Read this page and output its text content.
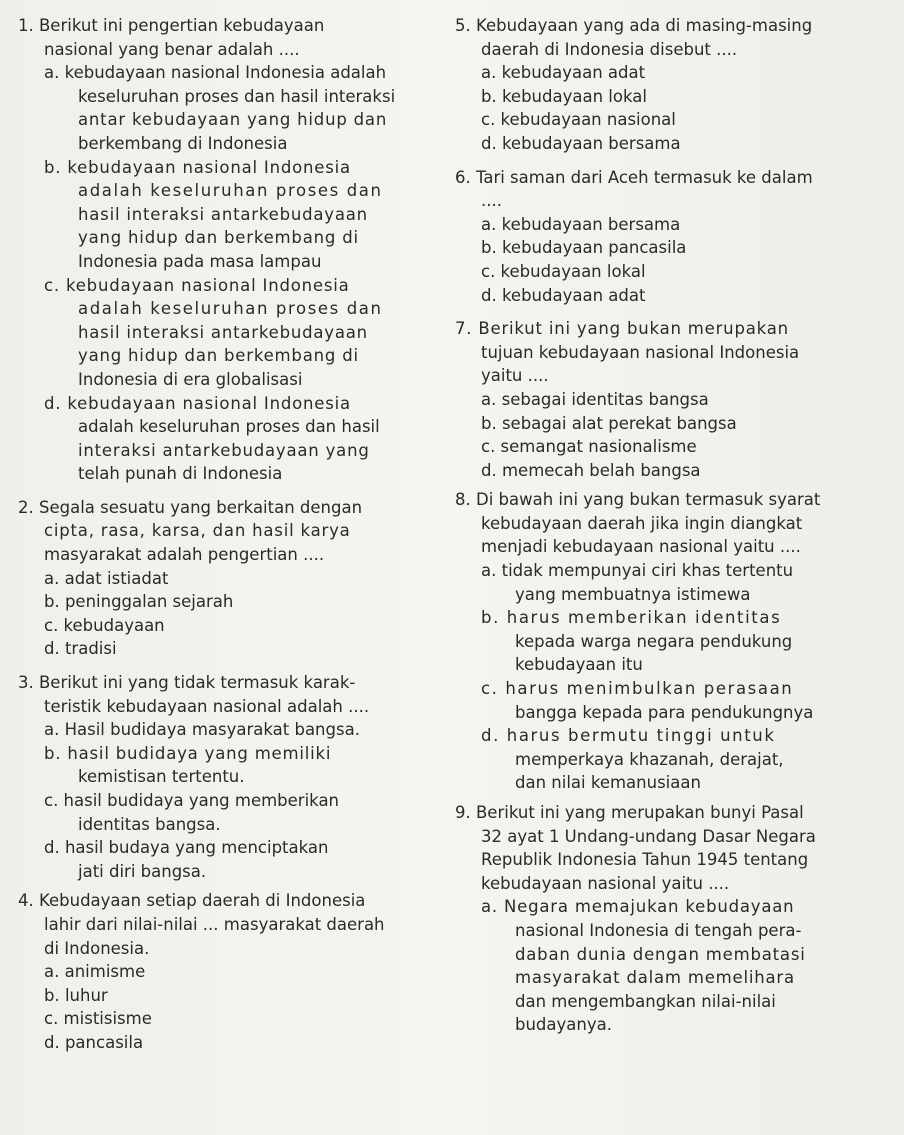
1. Berikut ini pengertian kebudayaan
nasional yang benar adalah ....
a. kebudayaan nasional Indonesia adalah
keseluruhan proses dan hasil interaksi
antar kebudayaan yang hidup dan
berkembang di Indonesia
b. kebudayaan nasional Indonesia
adalah keseluruhan proses dan
hasil interaksi antarkebudayaan
yang hidup dan berkembang di
Indonesia pada masa lampau
c. kebudayaan nasional Indonesia
adalah keseluruhan proses dan
hasil interaksi antarkebudayaan
yang hidup dan berkembang di
Indonesia di era globalisasi
d. kebudayaan nasional Indonesia
adalah keseluruhan proses dan hasil
interaksi antarkebudayaan yang
telah punah di Indonesia
2. Segala sesuatu yang berkaitan dengan
cipta, rasa, karsa, dan hasil karya
masyarakat adalah pengertian ....
a. adat istiadat
b. peninggalan sejarah
c. kebudayaan
d. tradisi
3. Berikut ini yang tidak termasuk karak-
teristik kebudayaan nasional adalah ....
a. Hasil budidaya masyarakat bangsa.
b. hasil budidaya yang memiliki
kemistisan tertentu.
c. hasil budidaya yang memberikan
identitas bangsa.
d. hasil budaya yang menciptakan
jati diri bangsa.
4. Kebudayaan setiap daerah di Indonesia
lahir dari nilai-nilai ... masyarakat daerah
di Indonesia.
a. animisme
b. luhur
c. mistisisme
d. pancasila
5. Kebudayaan yang ada di masing-masing
daerah di Indonesia disebut ....
a. kebudayaan adat
b. kebudayaan lokal
c. kebudayaan nasional
d. kebudayaan bersama
6. Tari saman dari Aceh termasuk ke dalam
....
a. kebudayaan bersama
b. kebudayaan pancasila
c. kebudayaan lokal
d. kebudayaan adat
7. Berikut ini yang bukan merupakan
tujuan kebudayaan nasional Indonesia
yaitu ....
a. sebagai identitas bangsa
b. sebagai alat perekat bangsa
c. semangat nasionalisme
d. memecah belah bangsa
8. Di bawah ini yang bukan termasuk syarat
kebudayaan daerah jika ingin diangkat
menjadi kebudayaan nasional yaitu ....
a. tidak mempunyai ciri khas tertentu
yang membuatnya istimewa
b. harus memberikan identitas
kepada warga negara pendukung
kebudayaan itu
c. harus menimbulkan perasaan
bangga kepada para pendukungnya
d. harus bermutu tinggi untuk
memperkaya khazanah, derajat,
dan nilai kemanusiaan
9. Berikut ini yang merupakan bunyi Pasal
32 ayat 1 Undang-undang Dasar Negara
Republik Indonesia Tahun 1945 tentang
kebudayaan nasional yaitu ....
a. Negara memajukan kebudayaan
nasional Indonesia di tengah pera-
daban dunia dengan membatasi
masyarakat dalam memelihara
dan mengembangkan nilai-nilai
budayanya.
